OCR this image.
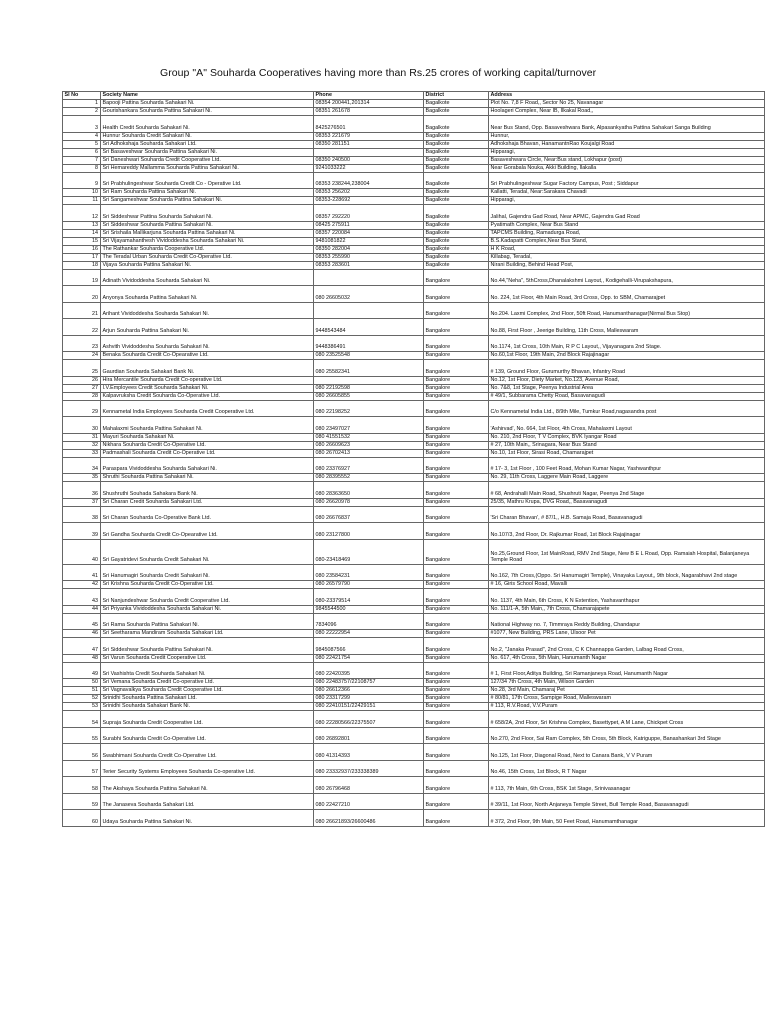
Group "A" Souharda Cooperatives having more than Rs.25 crores of working capital/turnover
Sl No	Society Name	Phone	District	Address
1	Bapooji Pattina Souharda Sahakari Ni.	08354 200441,201314	Bagalkote	Plot No. 7,8 F Road,, Sector No 25, Navanagar
2	Gourishankara Souharda Pattina Sahakari Ni.	08351 261678	Bagalkote	Hoolageri Complex, Near IB, Ilkakal Road,,
3	Health Credit Souharda Sahakari Ni.	8425276501	Bagalkote	Near Bus Stand, Opp. Basaveshwara Bank, Alpasankyatha Pattina Sahakari Sanga Building
4	Hunnur Souharda Credit Sahakari Ni.	08353 221679	Bagalkote	Hunnur,
5	Sri Adhokshaja Souharda Sahakari Ltd.	08350 281151	Bagalkote	Adhokshaja Bhavan, HanamantnRao Koujalgi Road
6	Sri Basaveshwar Souharda Pattina Sahakari Ni.		Bagalkote	Hipparagi,
7	Sri Daneshwari Souharda Credit Cooperative Ltd.	08350 240500	Bagalkote	Basaveshwara Circle, Near:Bus stand, Lokhapur (post)
8	Sri Hemareddy Mallamma Souharda Pattina Sahakari Ni.	9241033222	Bagalkote	Near Gorabala Nouka, Akki Building, Ilakalla
9	Sri Prabhulingeshwar Souharda Credit Co - Operative Ltd.	08353 238244,238004	Bagalkote	Sri Prabhulingeshwar Sugar Factory Campus, Post ; Siddapur
10	Sri Ram Souharda Pattina Sahakari Ni.	08353 256202	Bagalkote	Kallatti, Teradal, Near:Sarakara Chavadi
11	Sri Sangameshwar Souharda Pattina Sahakari Ni.	08353-228692	Bagalkote	Hipparagi,
12	Sri Siddeshwar Pattina Souharda Sahakari Ni.	08357 292220	Bagalkote	Jalihal, Gajendra Gad Road, Near APMC, Gajendra Gad Road
13	Sri Siddeshwar Souharda Pattina Sahakari Ni.	08425 275911	Bagalkote	Pyatimath Complex, Near Bus Stand
14	Sri Srishaila Mallikarjuna Souharda Pattina Sahakari Ni.	08357 220084	Bagalkote	TAPCMS Building, Ramadurga Road,
15	Sri Vijayamahanthesh Vividoddesha Souharda Sahakari Ni.	9481081822	Bagalkote	B.S.Kadapatti Complex,Near Bus Stand,
16	The Rathankar Souharda Cooperative Ltd.	08350 282004	Bagalkote	H K Road,
17	The Teradal Urban Souharda Credit Co-Operative Ltd.	08353 255990	Bagalkote	Killabag, Teradal,
18	Vijaya Souharda Pattina Sahakari Ni.	08353 283601	Bagalkote	Nirani Building, Behind Head Post,
19	Adinath Vividoddesha Souharda Sahakari Ni.		Bangalore	No.44,"Neha", 5thCross,Dhanalakshmi Layout,, Kodigehalli-Virupakshapura,
20	Anyonya Souharda Pattina Sahakari Ni.	080 26605032	Bangalore	No. 224, 1st Floor, 4th Main Road, 3rd Cross, Opp. to SBM, Chamarajpet
21	Arihant Vividoddesha Souharda Sahakari Ni.		Bangalore	No.204. Laxmi Complex, 2nd Floor, 50ft Road, Hanumanthanagar(Nirmal Bus Stop)
22	Arjun Souharda Pattina Sahakari Ni.	9448543484	Bangalore	No.88, First Floor , Jeerige Building, 11th Cross, Malleswaram
23	Ashvith Vividoddesha Souharda Sahakari Ni.	9448386491	Bangalore	No.1174, 1st Cross, 10th Main, R P C Layout,, Vijayanagara 2nd Stage.
24	Benaka Souharda Credit Co-Opearative Ltd.	080 23525548	Bangalore	No.60,1st Floor, 19th Main, 2nd Block Rajajinagar
25	Gaurdian Souharda Sahakari Bank Ni.	080 25582341	Bangalore	# 139, Ground Floor, Gurumurthy Bhavan, Infantry Road
26	Hira Mercantile Souharda Credit Co-operative Ltd.		Bangalore	No.12, 1st Floor, Diety Market, No.123, Avenue Road,
27	I.V.Employees Credit Souharda Sahakari Ni.	080 22192598	Bangalore	No. 7&8, 1st Stage, Peenya Industrial Area
28	Kalpavruksha Credit Souharda Co-Operative Ltd.	080 26605855	Bangalore	# 49/1, Subbarama Chetty Road, Basavanagudi
29	Kennametal India Employees Souharda Credit Cooperative Ltd.	080 22198252	Bangalore	C/o Kennametal India Ltd., 8/9th Mile, Tumkur Road,nagasandra post
30	Mahalaxmi Souharda Pattina Sahakari Ni.	080 23497027	Bangalore	'Ashirvad', No. 664, 1st Floor, 4th Cross, Mahalaxmi Layout
31	Mayuri Souharda Sahakari Ni.	080 41551532	Bangalore	No. 210, 2nd Floor, T V Complex, BVK Iyangar Road
32	Nikhara Souharda Credit Co-Operative Ltd.	080 26609623	Bangalore	# 27, 10th Main,, Srinagara, Near Bus Stand
33	Padmashali Souharda Credit Co-Operative Ltd.	080 26702413	Bangalore	No.10, 1st Floor, Sirasi Road, Chamarajpet
34	Paraspara Vividoddesha Souharda Sahakari Ni.	080 23376927	Bangalore	# 17- 3, 1st Floor , 100 Feet Road, Mohan Kumar Nagar, Yashwanthpur
35	Shruthi Souharda Pattina Sahakari Ni.	080 28395552	Bangalore	No. 29, 11th Cross, Laggere Main Road, Laggere
36	Shushruthi Souhada Sahakara Bank Ni.	080 28363650	Bangalore	# 68, Andrahalli Main Road, Shushruti Nagar, Peenya 2nd Stage
37	Sri Charan Credit Souharda Sahakari Ltd.	080 26620978	Bangalore	25/35, Mathru Krupa, DVG Road,, Basavanagudi
38	Sri Charan Souharda Co-Operative Bank Ltd.	080 26676837	Bangalore	'Sri Charan Bhavan', # 87/1,, H.B. Samaja Road, Basavanagudi
39	Sri Gandha Souharda Credit Co-Opearative Ltd.	080 23127800	Bangalore	No.107/3, 2nd Floor, Dr. Rajkumar Road, 1st Block Rajajinagar
40	Sri Gayatridevi Souharda Credit Sahakari Ni.	080-23418469	Bangalore	No.25,Ground Floor, 1st MainRoad, RMV 2nd Stage, New B E L Road, Opp. Ramaiah Hospital, Balanjaneya Temple Road
41	Sri Hanumagiri Souharda Credit Sahakari Ni.	080 23584231	Bangalore	No.162, 7th Cross,(Oppo. Sri Hanumagiri Temple), Vinayaka Layout,, 9th block, Nagarabhavi 2nd stage
42	Sri Krishna Souharda Credit Co-Operative Ltd.	080 26579790	Bangalore	# 16, Giris School Road, Mavalli
43	Sri Nanjundeshwar Souharda Credit Cooperative Ltd.	080-23379514	Bangalore	No. 1137, 4th Main, 6th Cross, K N Extention, Yashavanthapur
44	Sri Priyanka Vividoddesha Souharda Sahakari Ni.	9845544500	Bangalore	No. 111/1-A, 5th Main,, 7th Cross, Chamarajapete
45	Sri Rama Souharda Pattina Sahakari Ni.	7834096	Bangalore	National Highway no. 7, Timmraya Reddy Building, Chandapur
46	Sri Seetharama Mandiram Souharda Sahakari Ltd.	080 22222954	Bangalore	#1077, New Building, PRS Lane, Ulsoor Pet
47	Sri Siddeshwar Souharda Pattina Sahakari Ni.	9845087566	Bangalore	No.2, "Janaka Prasad", 2nd Cross, C K Channappa Garden, Lalbag Road Cross,
48	Sri Varun Souharda Credit Cooperative Ltd.	080 22421754	Bangalore	No. 617, 4th Cross, 5th Main, Hanumanth Nagar
49	Sri Vashishta Credit Souharda Sahakari Ni.	080 22420395	Bangalore	# 1, First Floor,Aditya Building, Sri Ramanjaneya Road, Hanumanth Nagar
50	Sri Vemana Souharda Credit Co-operative Ltd.	080 22483757/22108757	Bangalore	127/34 7th Cross, 4th Main, Wilson Garden
51	Sri Vagnavalkya Souharda Credit Cooperative Ltd.	080 26612366	Bangalore	No.28, 3rd Main, Chamaraj Pet
52	Srinidhi Souharda Pattina Sahakari Ltd.	080 23317299	Bangalore	# 80/81, 17th Cross, Sampige Road, Malleswaram
53	Srinidhi Souharda Sahakari Bank Ni.	080 22410151/22429151	Bangalore	# 113, R.V.Road, V.V.Puram
54	Supraja Souharda Credit Cooperative Ltd.	080 22280566/22375507	Bangalore	# 658/2A, 2nd Floor, Sri Krishna Complex, Basettypet, A M Lane, Chickpet Cross
55	Surabhi Souharda Credit Co-Operative Ltd.	080 26892801	Bangalore	No.270, 2nd Floor, Sai Ram Complex, 5th Cross, 5th Block, Katriguppe, Banashankari 3rd Stage
56	Swabhimani Souharda Credit Co-Operative Ltd.	080 41314393	Bangalore	No.125, 1st Floor, Diagonal Road, Next to Canara Bank, V V Puram
57	Terier Security Systems Employees Souharda Co-operative Ltd.	080 23332937/233338389	Bangalore	No.46, 15th Cross, 1st Block, R T Nagar
58	The Akshaya Souharda Pattina Sahakari Ni.	080 26796468	Bangalore	# 113, 7th Main, 6th Cross, BSK 1st Stage, Srinivasanagar
59	The Janaseva Souharda Sahakari Ltd.	080 22427210	Bangalore	# 39/11, 1st Floor, North Anjaneya Temple Street, Bull Temple Road, Basavanagudi
60	Udaya Souharda Pattina Sahakari Ni.	080 26621893/26600486	Bangalore	# 372, 2nd Floor, 9th Main, 50 Feet Road, Hanumamthanagar
